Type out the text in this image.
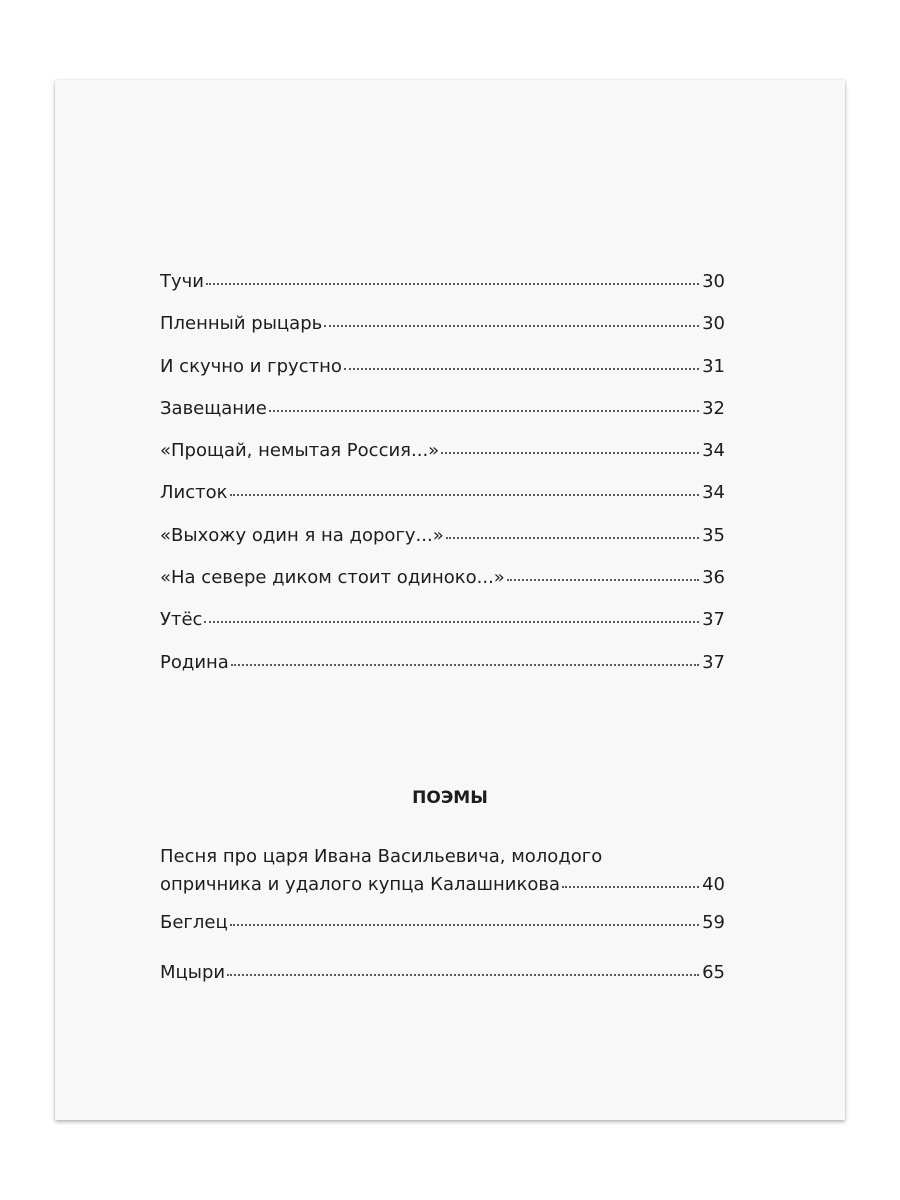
Тучи	30
Пленный рыцарь	30
И скучно и грустно	31
Завещание	32
«Прощай, немытая Россия...»	34
Листок	34
«Выхожу один я на дорогу...»	35
«На севере диком стоит одиноко...»	36
Утёс	37
Родина	37
ПОЭМЫ
Песня про царя Ивана Васильевича, молодого
опричника и удалого купца Калашникова	40
Беглец	59
Мцыри	65
